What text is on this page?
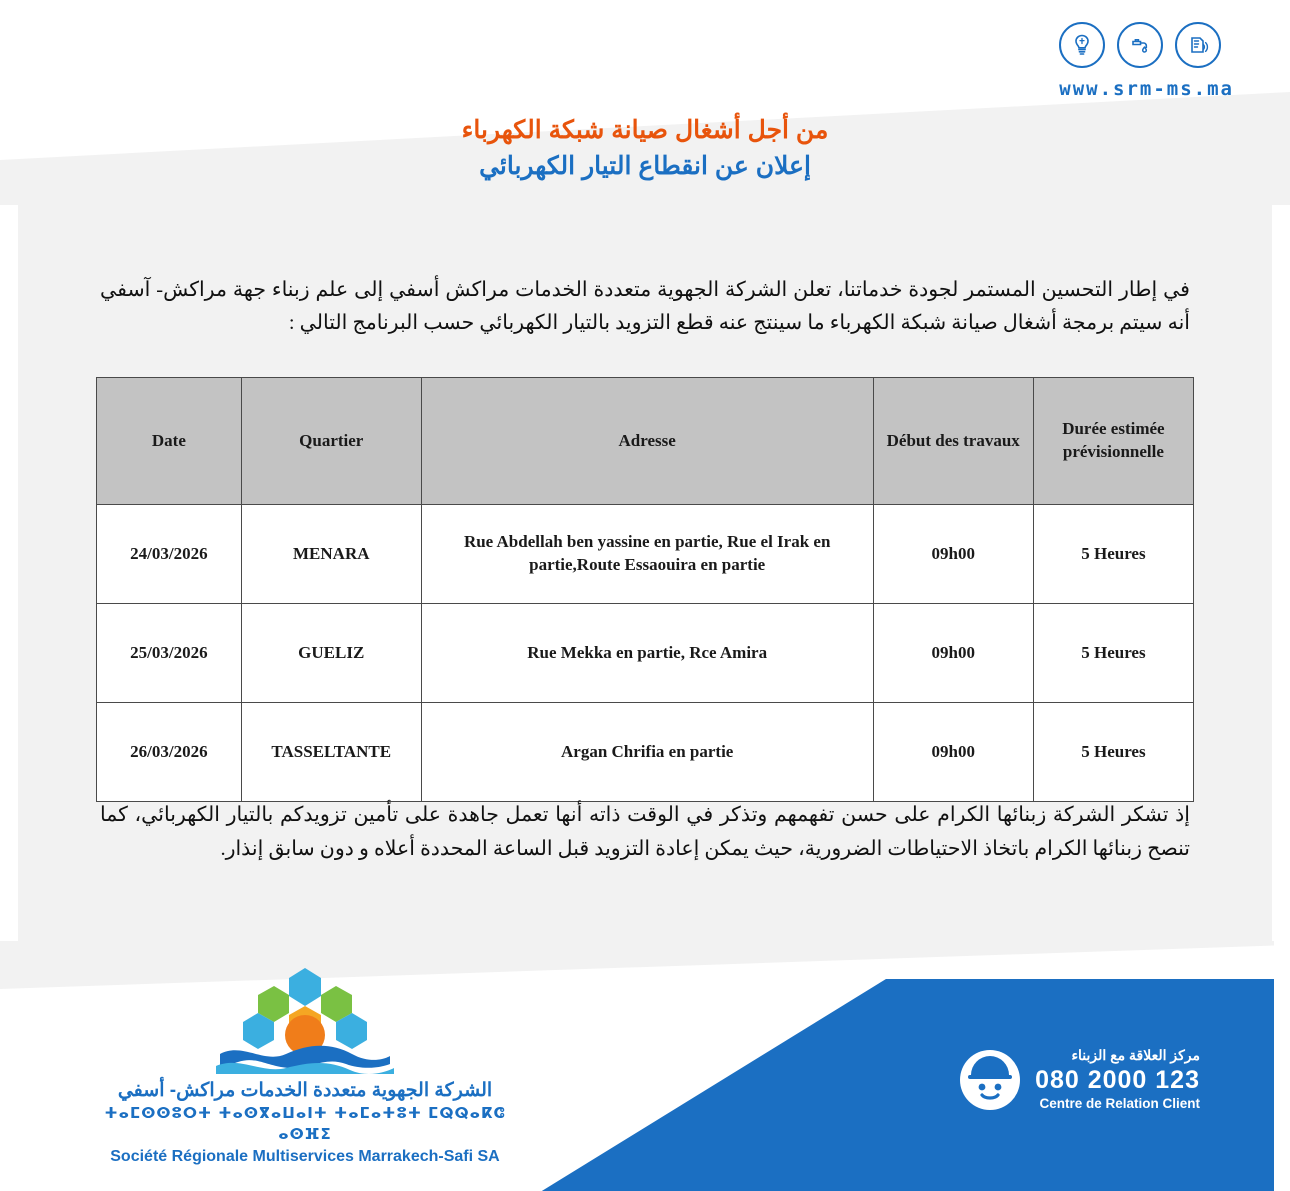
www.srm-ms.ma
من أجل أشغال صيانة شبكة الكهرباء
إعلان عن انقطاع التيار الكهربائي

في إطار التحسين المستمر لجودة خدماتنا، تعلن الشركة الجهوية متعددة الخدمات مراكش أسفي إلى علم زبناء جهة مراكش- آسفي أنه سيتم برمجة أشغال صيانة شبكة الكهرباء ما سينتج عنه قطع التزويد بالتيار الكهربائي حسب البرنامج التالي :

Date	Quartier	Adresse	Début des travaux	Durée estimée prévisionnelle
24/03/2026	MENARA	Rue Abdellah ben yassine en partie, Rue el Irak en partie,Route Essaouira en partie	09h00	5 Heures
25/03/2026	GUELIZ	Rue Mekka en partie, Rce Amira	09h00	5 Heures
26/03/2026	TASSELTANTE	Argan Chrifia en partie	09h00	5 Heures

إذ تشكر الشركة زبنائها الكرام على حسن تفهمهم وتذكر في الوقت ذاته أنها تعمل جاهدة على تأمين تزويدكم بالتيار الكهربائي، كما تنصح زبنائها الكرام باتخاذ الاحتياطات الضرورية، حيث يمكن إعادة التزويد قبل الساعة المحددة أعلاه و دون سابق إنذار.

الشركة الجهوية متعددة الخدمات مراكش- أسفي
ⵜⴰⵎⵙⵙⵓⵔⵜ ⵜⴰⵙⴳⴰⵡⴰⵏⵜ ⵜⴰⵎⴰⵜⵓⵜ ⵎⵕⵕⴰⴽⵛ ⴰⵙⴼⵉ
Société Régionale Multiservices Marrakech-Safi SA
مركز العلاقة مع الزبناء
080 2000 123
Centre de Relation Client
